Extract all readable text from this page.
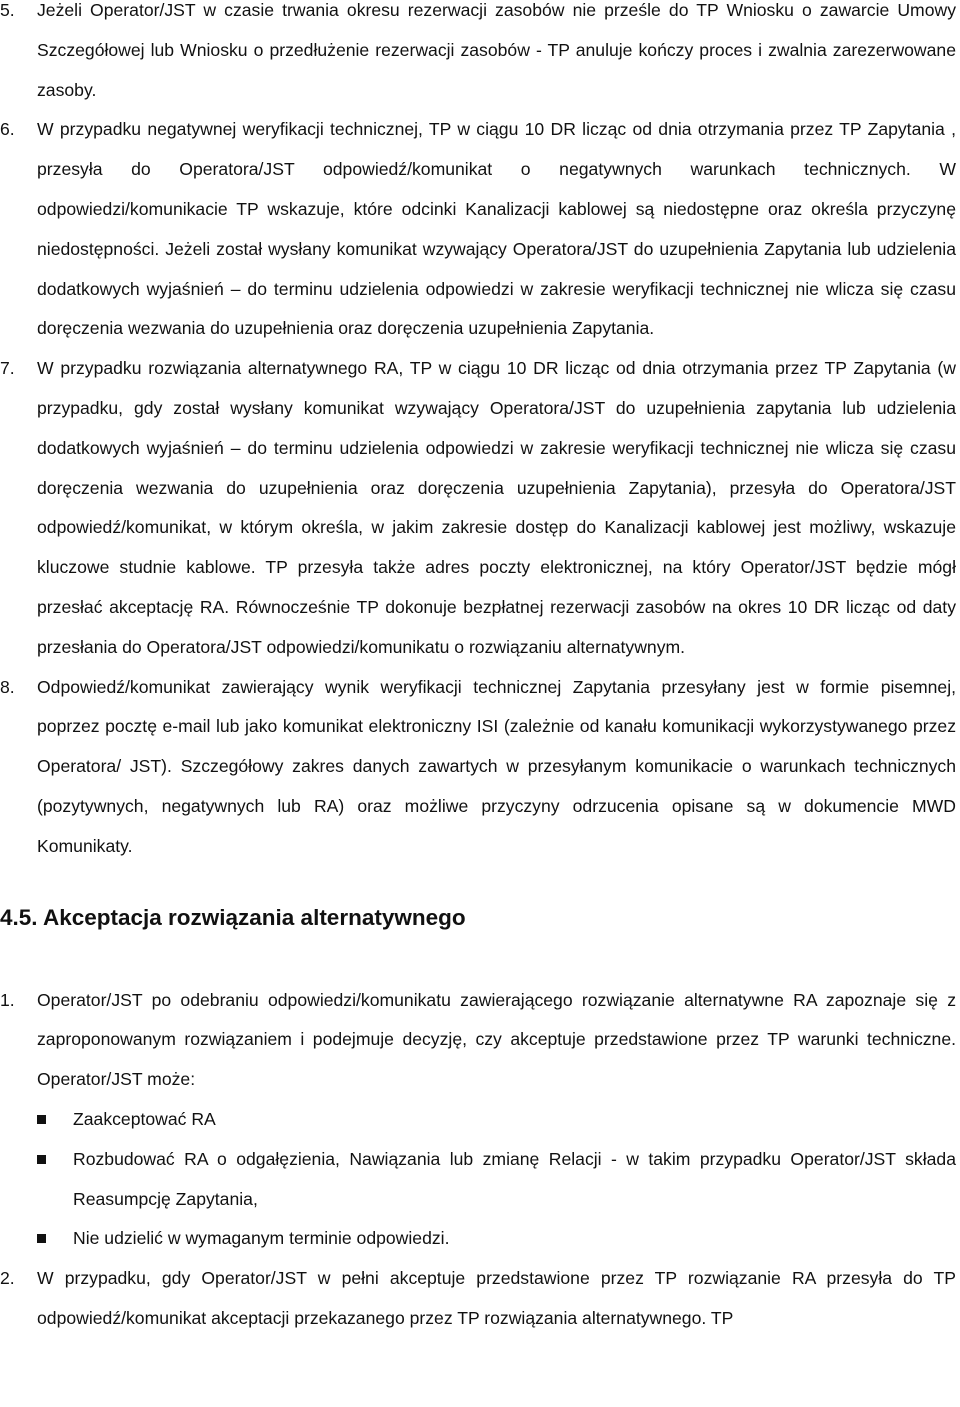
5. Jeżeli Operator/JST w czasie trwania okresu rezerwacji zasobów nie prześle do TP Wniosku o zawarcie Umowy Szczegółowej lub Wniosku o przedłużenie rezerwacji zasobów - TP anuluje kończy proces i zwalnia zarezerwowane zasoby.
6. W przypadku negatywnej weryfikacji technicznej, TP w ciągu 10 DR licząc od dnia otrzymania przez TP Zapytania , przesyła do Operatora/JST odpowiedź/komunikat o negatywnych warunkach technicznych. W odpowiedzi/komunikacie TP wskazuje, które odcinki Kanalizacji kablowej są niedostępne oraz określa przyczynę niedostępności. Jeżeli został wysłany komunikat wzywający Operatora/JST do uzupełnienia Zapytania lub udzielenia dodatkowych wyjaśnień – do terminu udzielenia odpowiedzi w zakresie weryfikacji technicznej nie wlicza się czasu doręczenia wezwania do uzupełnienia oraz doręczenia uzupełnienia Zapytania.
7. W przypadku rozwiązania alternatywnego RA, TP w ciągu 10 DR licząc od dnia otrzymania przez TP Zapytania (w przypadku, gdy został wysłany komunikat wzywający Operatora/JST do uzupełnienia zapytania lub udzielenia dodatkowych wyjaśnień – do terminu udzielenia odpowiedzi w zakresie weryfikacji technicznej nie wlicza się czasu doręczenia wezwania do uzupełnienia oraz doręczenia uzupełnienia Zapytania), przesyła do Operatora/JST odpowiedź/komunikat, w którym określa, w jakim zakresie dostęp do Kanalizacji kablowej jest możliwy, wskazuje kluczowe studnie kablowe. TP przesyła także adres poczty elektronicznej, na który Operator/JST będzie mógł przesłać akceptację RA. Równocześnie TP dokonuje bezpłatnej rezerwacji zasobów na okres 10 DR licząc od daty przesłania do Operatora/JST odpowiedzi/komunikatu o rozwiązaniu alternatywnym.
8. Odpowiedź/komunikat zawierający wynik weryfikacji technicznej Zapytania przesyłany jest w formie pisemnej, poprzez pocztę e-mail lub jako komunikat elektroniczny ISI (zależnie od kanału komunikacji wykorzystywanego przez Operatora/ JST). Szczegółowy zakres danych zawartych w przesyłanym komunikacie o warunkach technicznych (pozytywnych, negatywnych lub RA) oraz możliwe przyczyny odrzucenia opisane są w dokumencie MWD Komunikaty.
4.5. Akceptacja rozwiązania alternatywnego
1. Operator/JST po odebraniu odpowiedzi/komunikatu zawierającego rozwiązanie alternatywne RA zapoznaje się z zaproponowanym rozwiązaniem i podejmuje decyzję, czy akceptuje przedstawione przez TP warunki techniczne. Operator/JST może:
Zaakceptować RA
Rozbudować RA o odgałęzienia, Nawiązania lub zmianę Relacji - w takim przypadku Operator/JST składa Reasumpcję Zapytania,
Nie udzielić w wymaganym terminie odpowiedzi.
2. W przypadku, gdy Operator/JST w pełni akceptuje przedstawione przez TP rozwiązanie RA przesyła do TP odpowiedź/komunikat akceptacji przekazanego przez TP rozwiązania alternatywnego. TP
